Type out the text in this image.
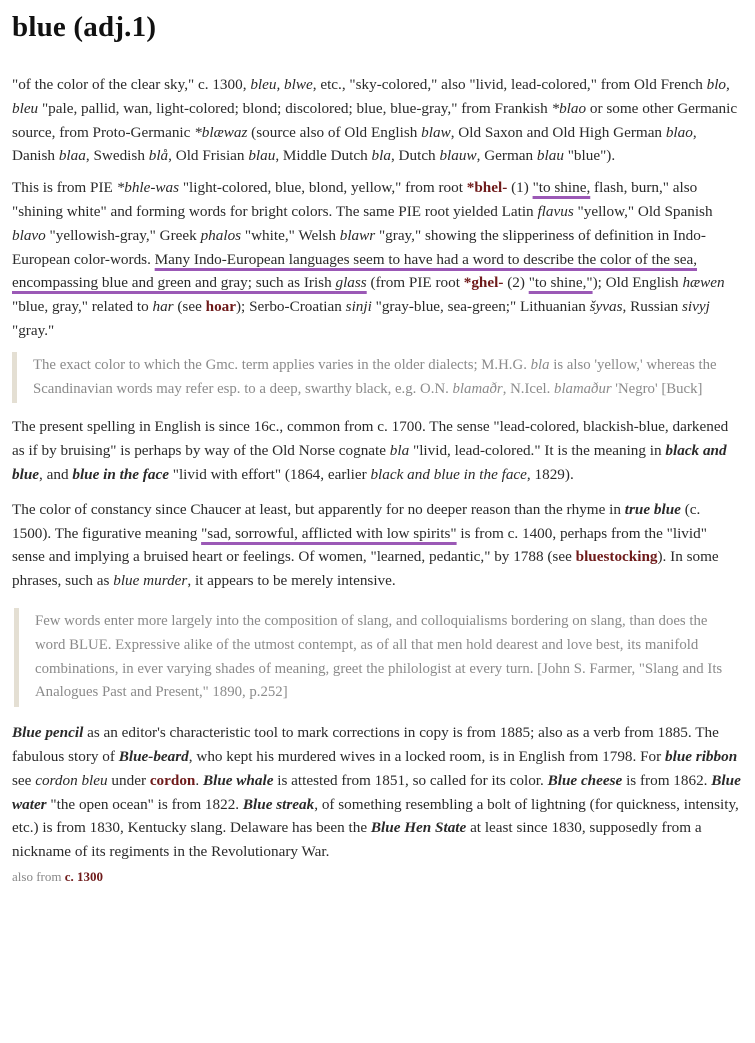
blue (adj.1)

"of the color of the clear sky," c. 1300, bleu, blwe, etc., "sky-colored," also "livid, lead-colored," from Old French blo, bleu "pale, pallid, wan, light-colored; blond; discolored; blue, blue-gray," from Frankish *blao or some other Germanic source, from Proto-Germanic *blæwaz (source also of Old English blaw, Old Saxon and Old High German blao, Danish blaa, Swedish blå, Old Frisian blau, Middle Dutch bla, Dutch blauw, German blau "blue").

This is from PIE *bhle-was "light-colored, blue, blond, yellow," from root *bhel- (1) "to shine, flash, burn," also "shining white" and forming words for bright colors. The same PIE root yielded Latin flavus "yellow," Old Spanish blavo "yellowish-gray," Greek phalos "white," Welsh blawr "gray," showing the slipperiness of definition in Indo-European color-words. Many Indo-European languages seem to have had a word to describe the color of the sea, encompassing blue and green and gray; such as Irish glass (from PIE root *ghel- (2) "to shine,"); Old English hæwen "blue, gray," related to har (see hoar); Serbo-Croatian sinji "gray-blue, sea-green;" Lithuanian šyvas, Russian sivyj "gray."

The exact color to which the Gmc. term applies varies in the older dialects; M.H.G. bla is also 'yellow,' whereas the Scandinavian words may refer esp. to a deep, swarthy black, e.g. O.N. blamaðr, N.Icel. blamaður 'Negro' [Buck]

The present spelling in English is since 16c., common from c. 1700. The sense "lead-colored, blackish-blue, darkened as if by bruising" is perhaps by way of the Old Norse cognate bla "livid, lead-colored." It is the meaning in black and blue, and blue in the face "livid with effort" (1864, earlier black and blue in the face, 1829).

The color of constancy since Chaucer at least, but apparently for no deeper reason than the rhyme in true blue (c. 1500). The figurative meaning "sad, sorrowful, afflicted with low spirits" is from c. 1400, perhaps from the "livid" sense and implying a bruised heart or feelings. Of women, "learned, pedantic," by 1788 (see bluestocking). In some phrases, such as blue murder, it appears to be merely intensive.

Few words enter more largely into the composition of slang, and colloquialisms bordering on slang, than does the word BLUE. Expressive alike of the utmost contempt, as of all that men hold dearest and love best, its manifold combinations, in ever varying shades of meaning, greet the philologist at every turn. [John S. Farmer, "Slang and Its Analogues Past and Present," 1890, p.252]

Blue pencil as an editor's characteristic tool to mark corrections in copy is from 1885; also as a verb from 1885. The fabulous story of Blue-beard, who kept his murdered wives in a locked room, is in English from 1798. For blue ribbon see cordon bleu under cordon. Blue whale is attested from 1851, so called for its color. Blue cheese is from 1862. Blue water "the open ocean" is from 1822. Blue streak, of something resembling a bolt of lightning (for quickness, intensity, etc.) is from 1830, Kentucky slang. Delaware has been the Blue Hen State at least since 1830, supposedly from a nickname of its regiments in the Revolutionary War.

also from c. 1300
